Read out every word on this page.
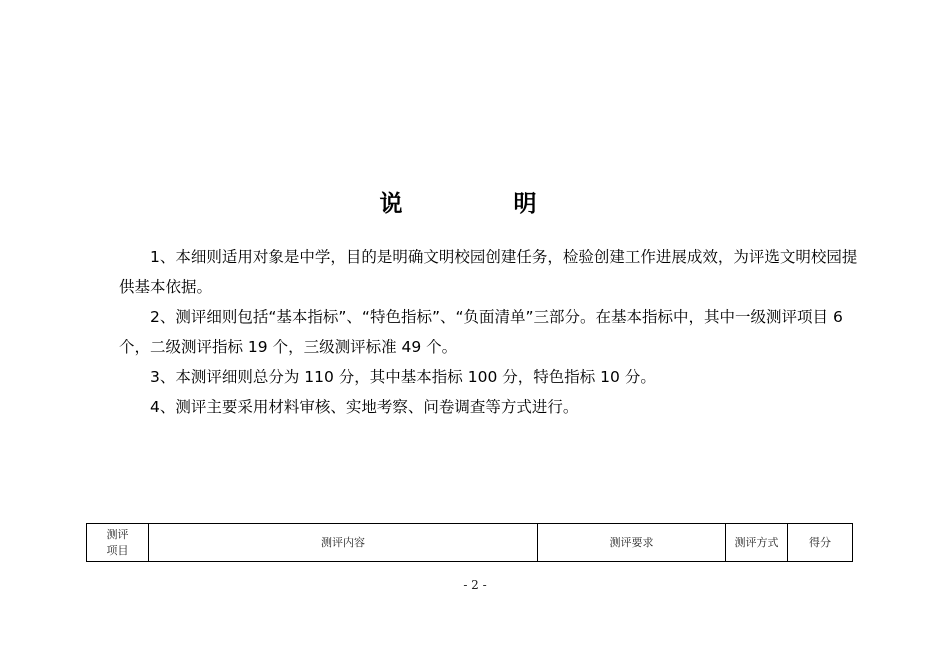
说　明

1、本细则适用对象是中学，目的是明确文明校园创建任务，检验创建工作进展成效，为评选文明校园提供基本依据。

2、测评细则包括“基本指标”、“特色指标”、“负面清单”三部分。在基本指标中，其中一级测评项目 6 个，二级测评指标 19 个，三级测评标准 49 个。

3、本测评细则总分为 110 分，其中基本指标 100 分，特色指标 10 分。

4、测评主要采用材料审核、实地考察、问卷调查等方式进行。

测评
项目
	测评内容	测评要求	测评方式	得分
- 2 -
